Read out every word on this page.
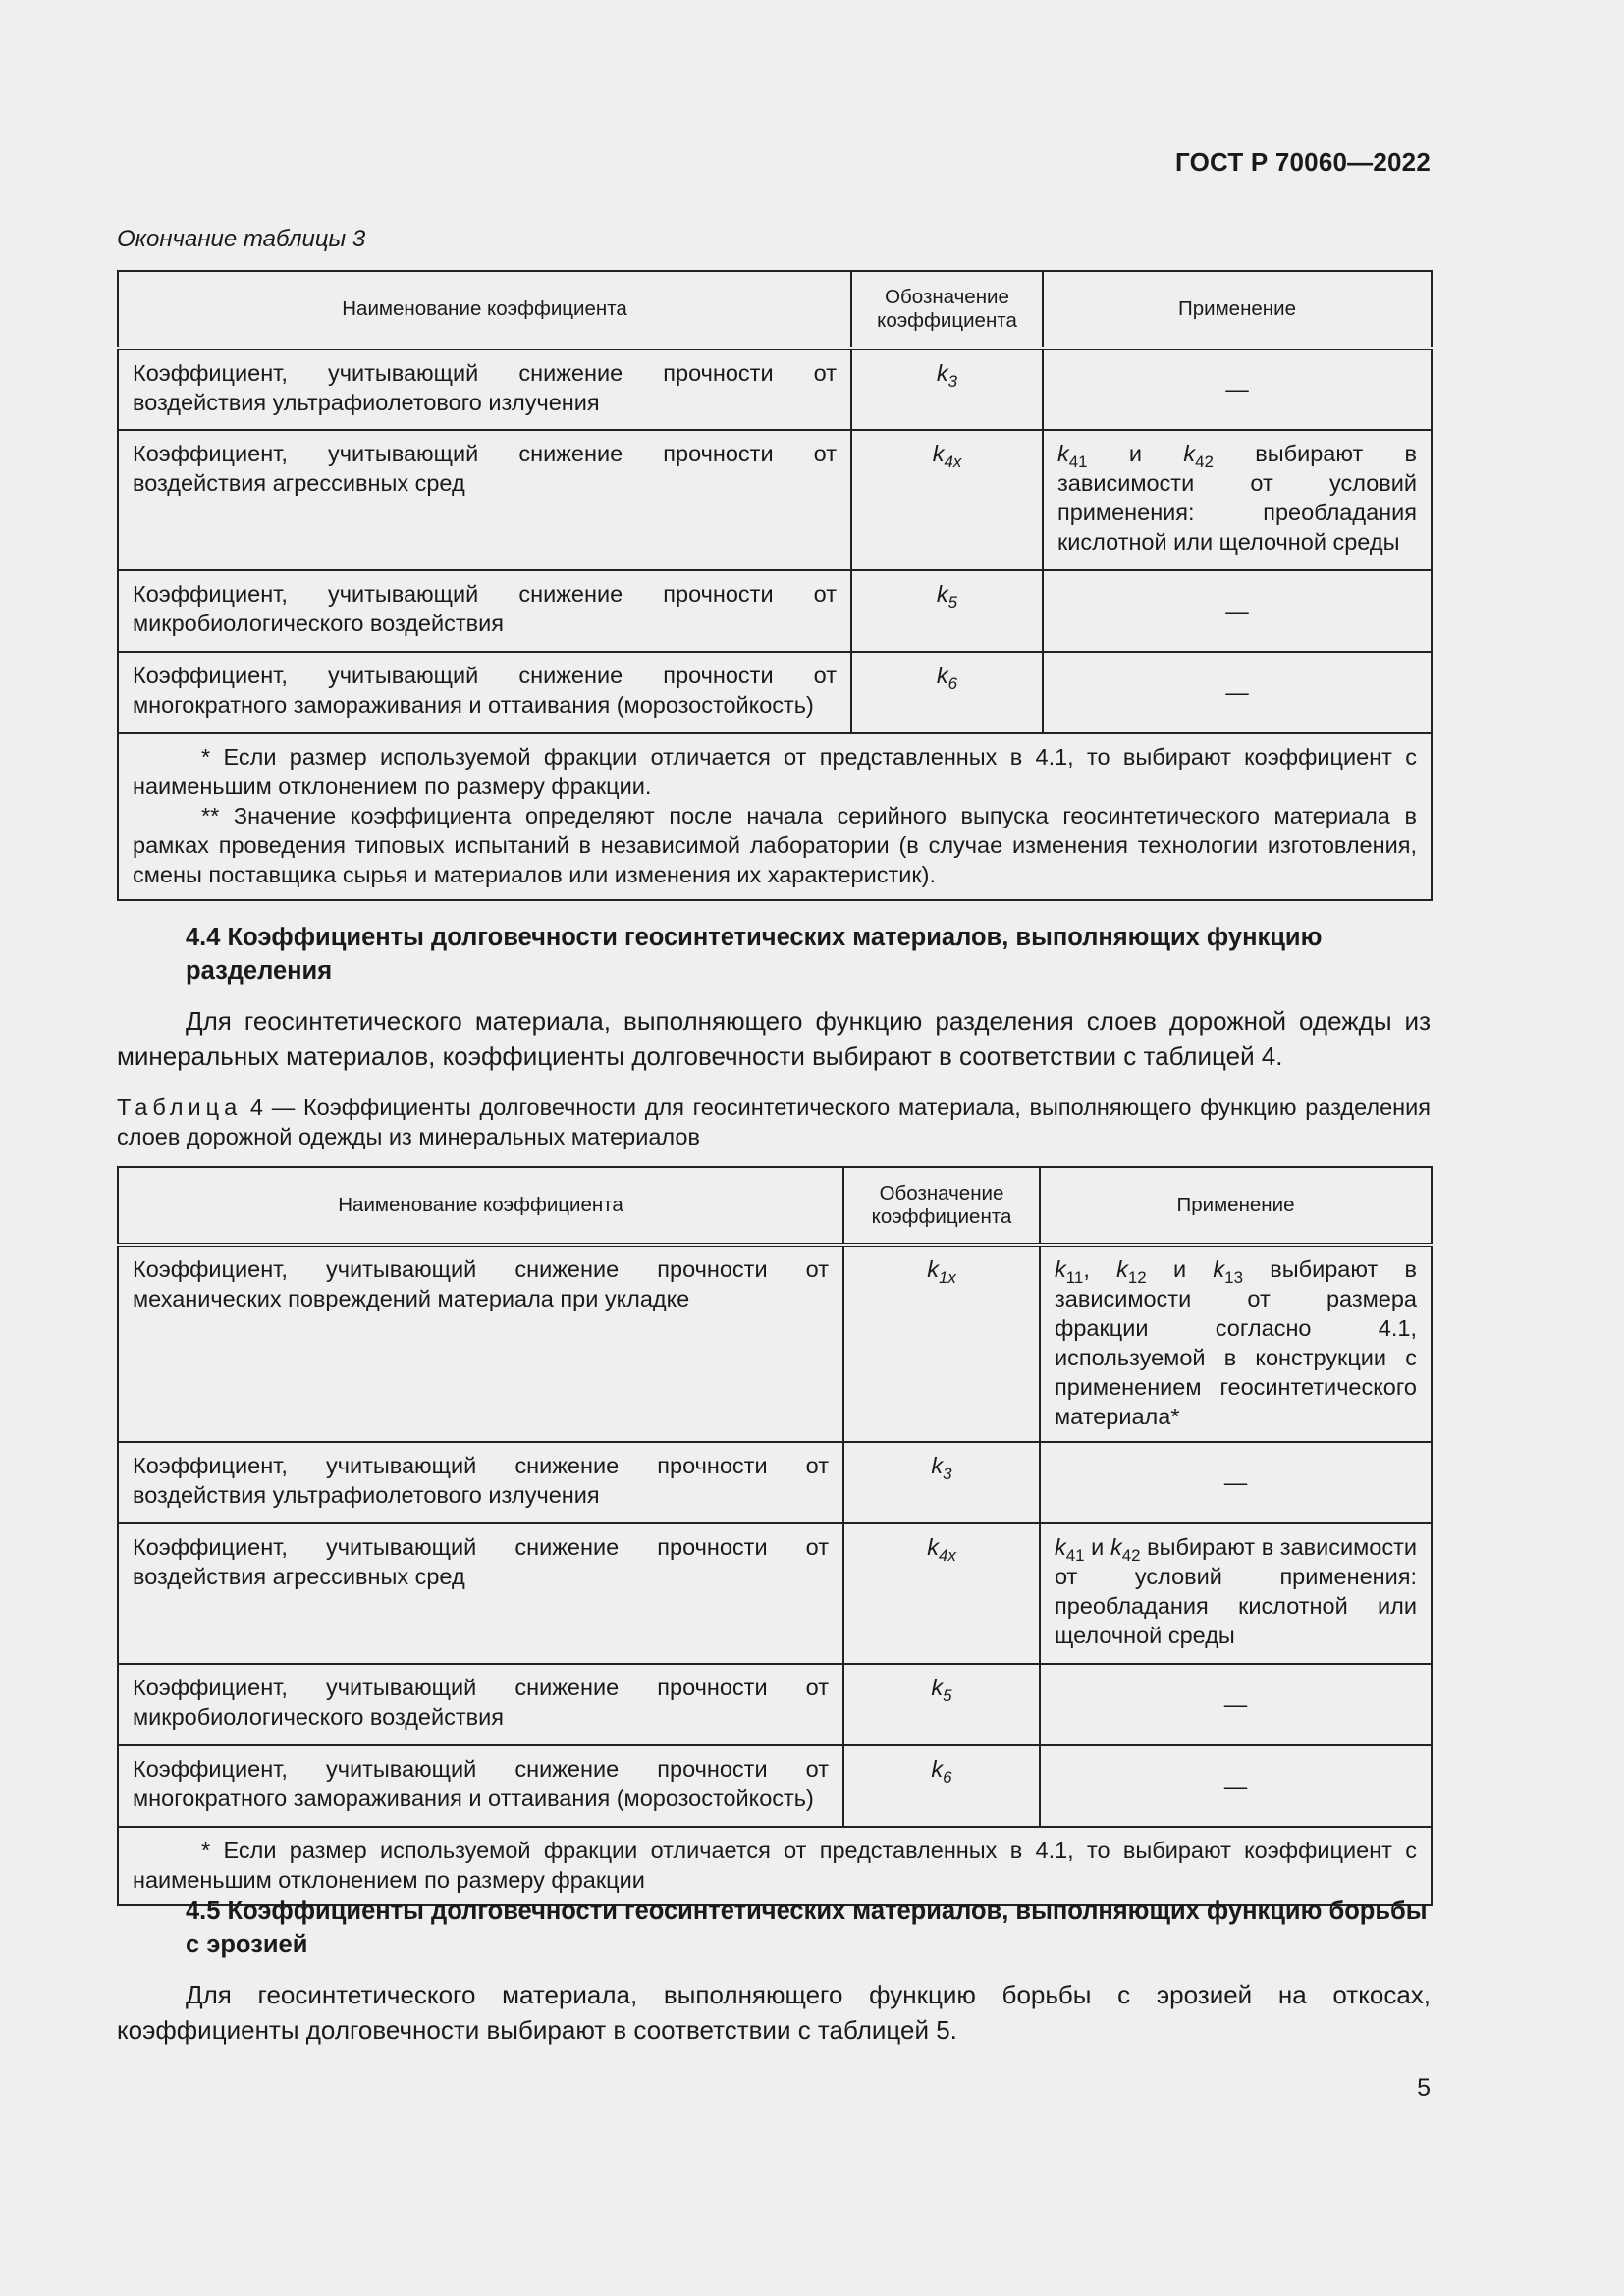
ГОСТ Р 70060—2022
Окончание таблицы 3
Наименование коэффициента	Обозначение коэффициента	Применение
Коэффициент, учитывающий снижение прочности от воздействия ультрафиолетового излучения	$k_3$	—
Коэффициент, учитывающий снижение прочности от воздействия агрессивных сред	$k_{4x}$	$k_{41}$ и $k_{42}$ выбирают в зависимости от условий применения: преобладания кислотной или щелочной среды
Коэффициент, учитывающий снижение прочности от микробиологического воздействия	$k_5$	—
Коэффициент, учитывающий снижение прочности от многократного замораживания и оттаивания (морозостойкость)	$k_6$	—

* Если размер используемой фракции отличается от представленных в 4.1, то выбирают коэффициент с наименьшим отклонением по размеру фракции.

** Значение коэффициента определяют после начала серийного выпуска геосинтетического материала в рамках проведения типовых испытаний в независимой лаборатории (в случае изменения технологии изготовления, смены поставщика сырья и материалов или изменения их характеристик).		

4.4 Коэффициенты долговечности геосинтетических материалов, выполняющих функцию разделения
Для геосинтетического материала, выполняющего функцию разделения слоев дорожной одежды из минеральных материалов, коэффициенты долговечности выбирают в соответствии с таблицей 4.
Таблица 4 — Коэффициенты долговечности для геосинтетического материала, выполняющего функцию разделения слоев дорожной одежды из минеральных материалов
Наименование коэффициента	Обозначение коэффициента	Применение
Коэффициент, учитывающий снижение прочности от механических повреждений материала при укладке	$k_{1x}$	$k_{11}$, $k_{12}$ и $k_{13}$ выбирают в зависимости от размера фракции согласно 4.1, используемой в конструкции с применением геосинтетического материала*
Коэффициент, учитывающий снижение прочности от воздействия ультрафиолетового излучения	$k_3$	—
Коэффициент, учитывающий снижение прочности от воздействия агрессивных сред	$k_{4x}$	$k_{41}$ и $k_{42}$ выбирают в зависимости от условий применения: преобладания кислотной или щелочной среды
Коэффициент, учитывающий снижение прочности от микробиологического воздействия	$k_5$	—
Коэффициент, учитывающий снижение прочности от многократного замораживания и оттаивания (морозостойкость)	$k_6$	—

* Если размер используемой фракции отличается от представленных в 4.1, то выбирают коэффициент с наименьшим отклонением по размеру фракции		

4.5 Коэффициенты долговечности геосинтетических материалов, выполняющих функцию борьбы с эрозией
Для геосинтетического материала, выполняющего функцию борьбы с эрозией на откосах, коэффициенты долговечности выбирают в соответствии с таблицей 5.
5
